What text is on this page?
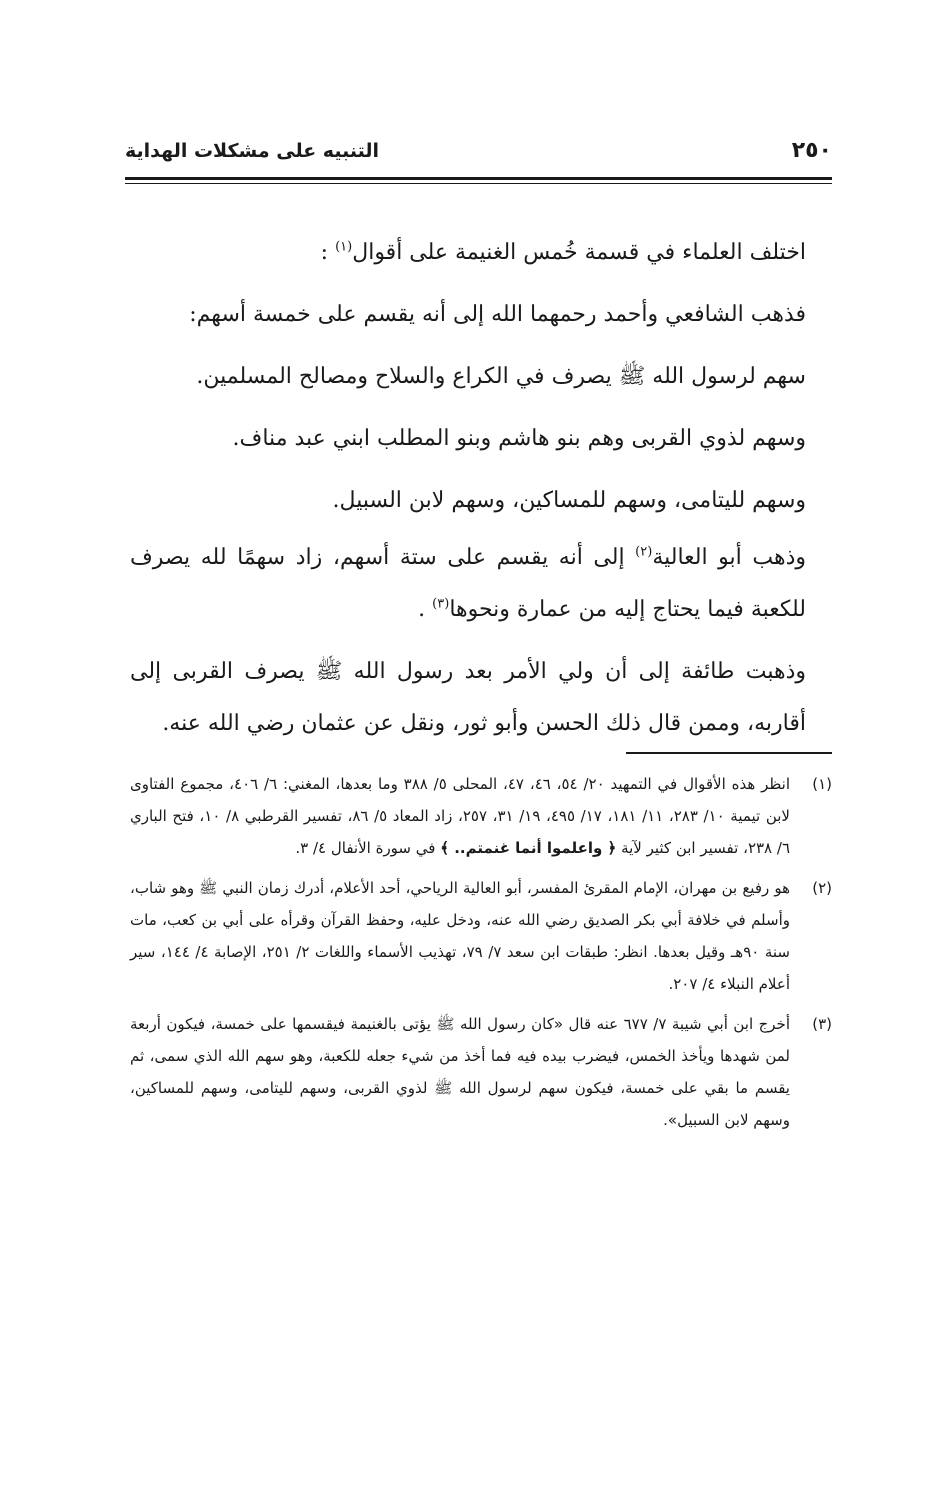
٢٥٠
التنبيه على مشكلات الهداية

اختلف العلماء في قسمة خُمس الغنيمة على أقوال$^{(١)}$ :

فذهب الشافعي وأحمد رحمهما الله إلى أنه يقسم على خمسة أسهم:

سهم لرسول الله ﷺ يصرف في الكراع والسلاح ومصالح المسلمين.

وسهم لذوي القربى وهم بنو هاشم وبنو المطلب ابني عبد مناف.

وسهم لليتامى، وسهم للمساكين، وسهم لابن السبيل.

وذهب أبو العالية$^{(٢)}$ إلى أنه يقسم على ستة أسهم، زاد سهمًا لله يصرف للكعبة فيما يحتاج إليه من عمارة ونحوها$^{(٣)}$ .

وذهبت طائفة إلى أن ولي الأمر بعد رسول الله ﷺ يصرف القربى إلى أقاربه، وممن قال ذلك الحسن وأبو ثور، ونقل عن عثمان رضي الله عنه.

(١)
انظر هذه الأقوال في التمهيد ٢٠/ ٥٤، ٤٦، ٤٧، المحلى ٥/ ٣٨٨ وما بعدها، المغني: ٦/ ٤٠٦، مجموع الفتاوى لابن تيمية ١٠/ ٢٨٣، ١١/ ١٨١، ١٧/ ٤٩٥، ١٩/ ٣١، ٢٥٧، زاد المعاد ٥/ ٨٦، تفسير القرطبي ٨/ ١٠، فتح الباري ٦/ ٢٣٨، تفسير ابن كثير لآية ﴿ واعلموا أنما غنمتم.. ﴾ في سورة الأنفال ٤/ ٣.
(٢)
هو رفيع بن مهران، الإمام المقرئ المفسر، أبو العالية الرياحي، أحد الأعلام، أدرك زمان النبي ﷺ وهو شاب، وأسلم في خلافة أبي بكر الصديق رضي الله عنه، ودخل عليه، وحفظ القرآن وقرأه على أبي بن كعب، مات سنة ٩٠هـ وقيل بعدها. انظر: طبقات ابن سعد ٧/ ٧٩، تهذيب الأسماء واللغات ٢/ ٢٥١، الإصابة ٤/ ١٤٤، سير أعلام النبلاء ٤/ ٢٠٧.
(٣)
أخرج ابن أبي شيبة ٧/ ٦٧٧ عنه قال «كان رسول الله ﷺ يؤتى بالغنيمة فيقسمها على خمسة، فيكون أربعة لمن شهدها ويأخذ الخمس، فيضرب بيده فيه فما أخذ من شيء جعله للكعبة، وهو سهم الله الذي سمى، ثم يقسم ما بقي على خمسة، فيكون سهم لرسول الله ﷺ لذوي القربى، وسهم لليتامى، وسهم للمساكين، وسهم لابن السبيل».
